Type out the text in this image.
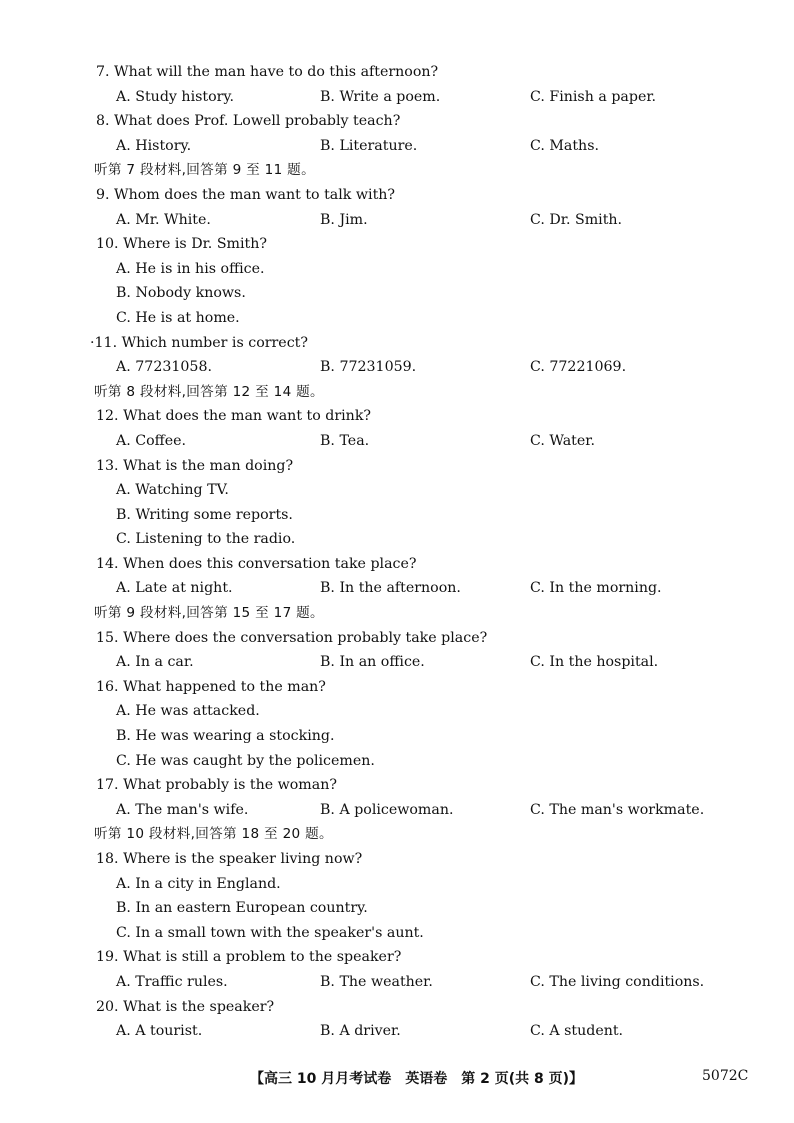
7. What will the man have to do this afternoon?
A. Study history.	B. Write a poem.	C. Finish a paper.
8. What does Prof. Lowell probably teach?
A. History.	B. Literature.	C. Maths.
听第 7 段材料,回答第 9 至 11 题。
9. Whom does the man want to talk with?
A. Mr. White.	B. Jim.	C. Dr. Smith.
10. Where is Dr. Smith?
A. He is in his office.
B. Nobody knows.
C. He is at home.
·11. Which number is correct?
A. 77231058.	B. 77231059.	C. 77221069.
听第 8 段材料,回答第 12 至 14 题。
12. What does the man want to drink?
A. Coffee.	B. Tea.	C. Water.
13. What is the man doing?
A. Watching TV.
B. Writing some reports.
C. Listening to the radio.
14. When does this conversation take place?
A. Late at night.	B. In the afternoon.	C. In the morning.
听第 9 段材料,回答第 15 至 17 题。
15. Where does the conversation probably take place?
A. In a car.	B. In an office.	C. In the hospital.
16. What happened to the man?
A. He was attacked.
B. He was wearing a stocking.
C. He was caught by the policemen.
17. What probably is the woman?
A. The man's wife.	B. A policewoman.	C. The man's workmate.
听第 10 段材料,回答第 18 至 20 题。
18. Where is the speaker living now?
A. In a city in England.
B. In an eastern European country.
C. In a small town with the speaker's aunt.
19. What is still a problem to the speaker?
A. Traffic rules.	B. The weather.	C. The living conditions.
20. What is the speaker?
A. A tourist.	B. A driver.	C. A student.
【高三 10 月月考试卷　英语卷　第 2 页(共 8 页)】	5072C
